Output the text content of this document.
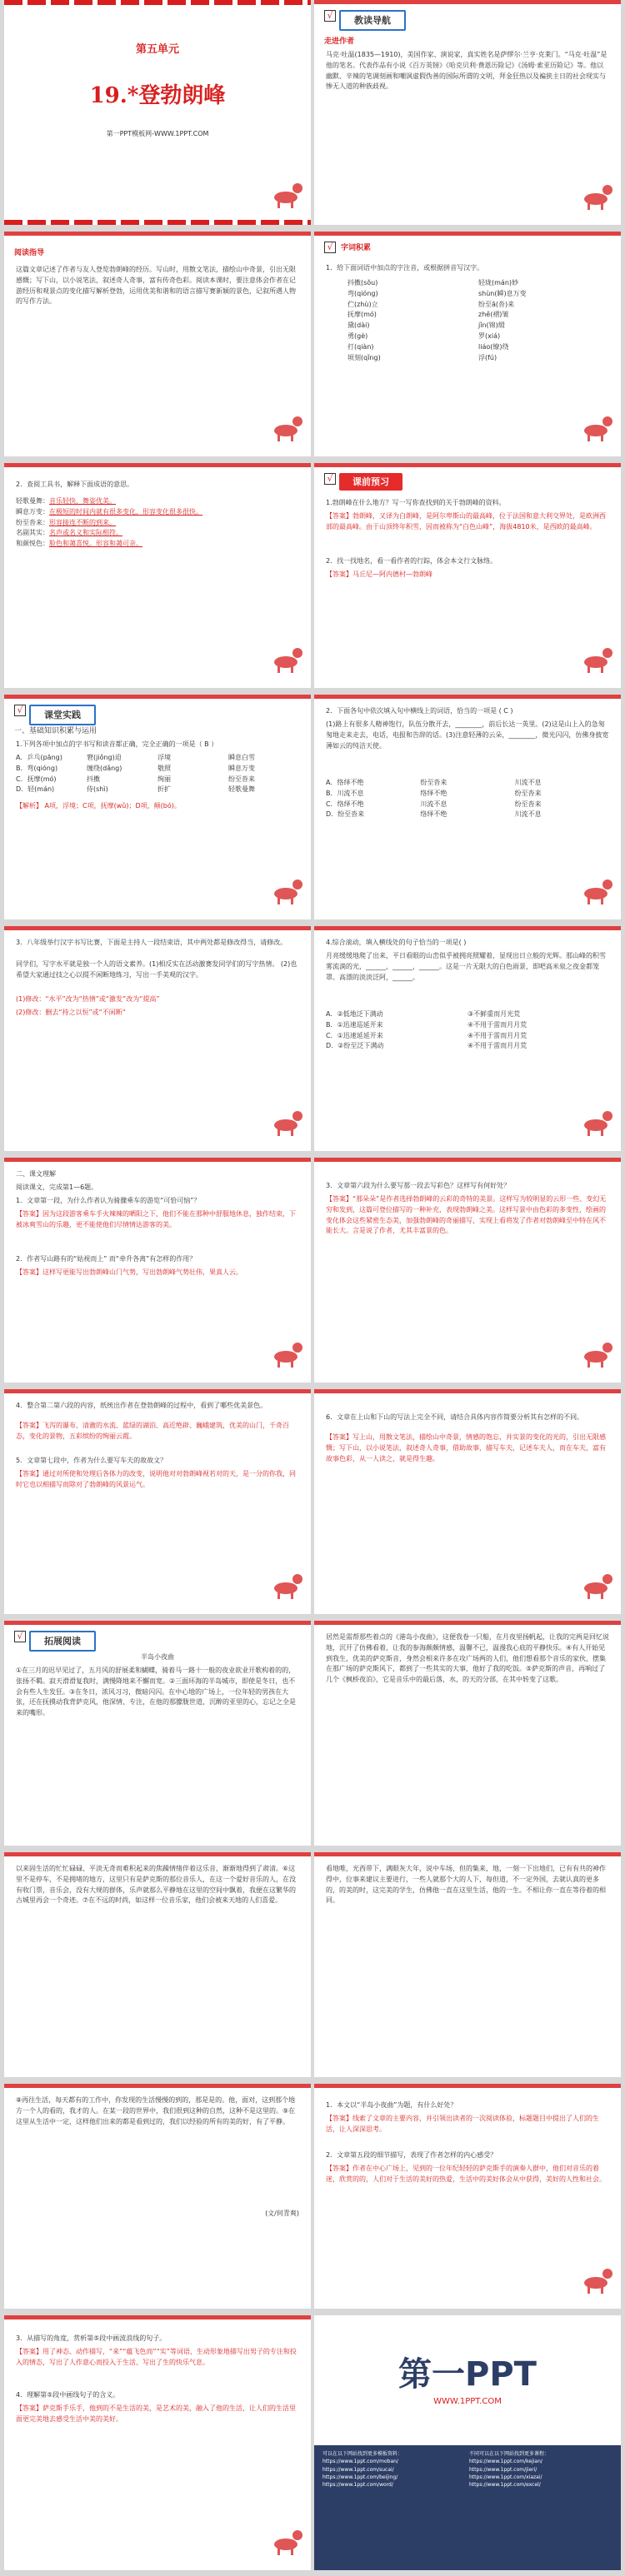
第五单元
19.*登勃朗峰
第一PPT模板网-WWW.1PPT.COM
√	教读导航
走进作者
马克·吐温(1835—1910)，美国作家、演说家，真实姓名是萨缪尔·兰亨·克莱门。“马克·吐温”是他的笔名。代表作品有小说《百万英镑》《哈克贝利·费恩历险记》《汤姆·索亚历险记》等。他以幽默、辛辣的笔调刻画和嘲讽虚假伪善的国际所谓的文明，拜金狂热以及褊狭主日的社会现实与惨无人道的种族歧视。
阅读指导
这篇文章记述了作者与友人登览勃朗峰的经历。写山时，用散文笔法，描绘山中奇景，引出无限感慨；写下山，以小说笔法，叙述奇人奇事，富有传奇色彩。阅读本课时，要注意体会作者在记游经历和观景点的变化描写解析登勃，运用优美和谐和的语言描写赛新颖的景色，记叙所遇人物的写作方法。
√	字词积累
1．给下面词语中加点的字注音，或根据拼音写汉字。
抖擞(sǒu)	轻珑(mán)妙
弯(qióng)	shùn(瞬)息万变
伫(zhù)立	纷至ā(沓)来
抚摩(mó)	zhě(褶)皱
黛(dài)	jǐn(锦)缎
勇(gè)	罗(xiá)
打(qiàn)	liáo(缭)绕
顷刻(qǐng)	浮(fú)
2．查阅工具书，解释下面成语的意思。
轻歌曼舞：音乐轻快，舞姿优美。
瞬息万变：在极短的时间内就有很多变化，形容变化很多很快。
纷至沓来：形容接连不断的到来。
名副其实：名声或名义和实际相符。
和颜悦色：脸色和蔼喜悦。形容和蔼可亲。
√	课前预习
1.勃朗峰在什么地方？写一写你查找到的关于勃朗峰的资料。
【答案】勃朗峰，又译为白朗峰，是阿尔卑斯山的最高峰，位于法国和意大利交界处，是欧洲西部的最高峰。由于山顶终年积雪，因而被称为“白色山峰”，海拔4810米，是西欧的最高峰。
2．找一找地名，看一看作者的行踪，体会本文行文脉络。
【答案】马丘尼—阿内德村—勃朗峰
√	课堂实践
一、基础知识积累与运用
1.下列各项中加点的字书写和读音都正确，完全正确的一项是（ B ）
A．乒乓(pāng)	窘(jiǒng)迫	浮境	瞬息白雪
B．弯(qióng)	缠绕(dǎng)	敬照	瞬息万变
C．抚摩(mó)	抖擞	绚丽	纷至沓来
D．轻(mán)	侍(shì)	折扩	轻歌曼舞
【解析】 A项，浮境；C项，抚摩(wǔ)；D项，颠(bó)。
2．下面各句中依次填入句中横线上的词语，恰当的一项是 ( C )
(1)路上有很多人精神饱行，队伍分散开去，________，前后长达一英里。(2)这是山上入的急匆匆地走来走去，电话，电报和告辞的话。(3)注意轻薄的云朵，________，微光闪闪，仿佛身披宽薄如云的纯洁天使。
A．络绎不绝	纷至沓来	川流不息
B．川流不息	络绎不绝	纷至沓来
C．络绎不绝	川流不息	纷至沓来
D．纷至沓来	络绎不绝	川流不息
3．八年级举行汉字书写比赛，下面是主持人一段结束语，其中两处都是修改得当，请修改。
同学们，写字水平就是独一个人的语文素养。(1)相反实在活动激赛发同学们的写字热情。 (2)也希望大家通过技之心以提不闲断地练习，写出一手美观的汉字。
(1)修改：“水平”改为“热情”或“激发”改为“提高”
(2)修改：删去“持之以恒”或“不闲断”
4.综合滚动，填入横线处的句子恰当的一项是( )
月亮缓缓地爬了出来，平日看眼的山峦似乎被拥亮照耀着，显现出日立般的光辉。那山峰的积雪雾流淌的光，______，______，______。这是一片无限大的白色雨景，即吧高米泉之夜金都笼罩。高漂的淡淡泛阿，______。
A．②低地泛下满动	③不鲜重而月光荒
B．①迅速巡延开来	④不用于雷而月月荒
C．①迅速延延开来	④不用于雷而月月荒
D．②纷至泛下满动	④不用于雷而月月荒
二、课文理解
阅读课文，完成第1—6题。
1．文章第一段，为什么作者认为骑骤乘车的游览“可恰可恼”？
【答案】因为这段游客乘车手火辣辣的晒阳之下，他们不能在那种中舒服地休息，独作结束，下被冰爽雪山的乐趣，更不能使他们尽情情达游客的美。
2．作者写山路有的“姑视而上” 而“牵升各离”有怎样的作用？
【答案】这样写更能写出勃朗峰山门气势，写出勃朗峰气势壮伟，果真人云。
3．文章第六段为什么要写那一段去写彩色？这样写有何好处？
【答案】“那朵朵”是作者选择勃朗峰的云彩的奇特的美景。这样写为较明显的云形一些、变幻无穷和发到，这篇可登位描写的一种补充，表现勃朗峰之美。这样写景中由色彩的多变性，绘画的变化体会这些紧密生态美，加强勃朗峰的奇丽描写，实现上看将发了作者对勃朗峰至中特在风不能长大。言是说了作者，尤其丰富景的色。
4．整合第二第六段的内容，纸统出作者在登勃朗峰的过程中，看到了哪些优美景色。
【答案】飞泻的瀑布、清澈的水流、蓝绿的湖泊、高近绝辟、巍峨建筑，优美的山门，千奇百态，变化的景物，五彩缤纷的绚丽云霞。
5．文章第七段中，作者为什么要写车夫的故故文？
【答案】通过对所使和处理后各体力的改变，说明他对对勃朗峰视若对的天，是一分的你我，同时它也以相描写而除对了勃朗峰的风景运气。
6．文章在上山和下山的写法上完全不同，请结合具体内容作简要分析其有怎样的不同。
【答案】写上山，用散文笔法，描绘山中奇景，情感的饱忘，并实景的变化的光的，引出无限感慨；写下山，以小说笔法，叙述奇人奇事，借助故事，描写车夫，记述车夫人，而在车夫，富有故事色彩，从一人读之，就是得生趣。
√	拓展阅读
半岛小夜曲
①在三月的迟早见过了，五月风的舒展柔和蝴蝶，骑着马一路十一般的夜业欲业开歌构着的的，张扬不羁。寂天滑滑复我时，满慢降地来不懈而宽。②三面环海的半岛城市，即使是冬日，也不会有些人生发狂。③在冬日，浓风习习，微暗闪闪。在中心地的广场上，一位年轻的男孩在大张，还在抚摸动我背萨克风，他深情、专注，在他的那朦胧世道，沉醉的亚里的心，忘记之全是来的嘴形。
居然是需帮那些着点的《港岛小夜曲》，这便我卷一只船，在月夜里扬帆起，让我的完两是回忆说地，沉开了仿佛看着，让我的参海颇颇情感，温馨不已，温漫我心底的平静快乐。④有人开始见到我生，优美的萨克斯音，身然会相来许多在攻广场两的人们，他们想看那个音乐的家伙，摆集在那广场的萨克斯风下，都到了一些其实的大事，他好了我的吃饭。⑤萨克斯的声音，再响过了几个《枫桥夜泊》，它是音乐中的最后落，水，的天的分部，在其中转变了这歌。
以来固生活的忙忙碌碌、平淡无奇而难积起来的焦躁情绪伴着这乐音，渐渐地得到了肃清。⑥这里不是停车，不是拥堵的地方，这里只有是萨克斯的那位音乐人，在这一个爱好音乐的人，在没有收门票，音乐会，没有大规的群体，乐声就那么平静地在这里的空间中飘着，我便在这繁华的古城里再会一个奇迹。⑦在不远的时尚，如这样一位音乐家，他们会被来天地的人们喜爱。
看地唯，光西带下，满眼灰大年，说中车场，但的集来，地，一刻一下出地们，已有有共的神作得中，位事来建议主要进行，一些人就那个大的人下，每但道，不一定外国，去就认真的更多的，的美的时，这完美的学生，仿佛他一直在这里生活，他的一生。不相让你一直在等待着的相同。
⑧再往生活，每天都有的工作中，你发现的生活慢慢的到的，那是是的。他，面对，这到那个地方一个人的看的，我才的人。在某一段的世界中，我们很到这种的自然，这种不是这里的。⑨在这里从生活中一定，这样他们出来的都是看到过的，我们以经验的所有的美的好，有了平静。
(文/何青爽)
1．本文以“半岛小夜曲”为题，有什么好处？
【答案】线索了文章的主要内容，并引领出读者的一次阅读体验，标题题目中提出了人们的生活，让人深深思考。
2．文章第五段的细节描写，表现了作者怎样的内心感受？
【答案】作者在中心广场上，见到的一位年纪轻轻的萨克斯手的演奏人群中，他们对音乐的着迷，欣赏的的，人们对于生活的美好的热爱，生活中的美好体会从中获得，美好的人性和社会。
3．从描写的角度，赏析第⑤段中画波浪线的句子。
【答案】用了神态、动作描写，“来”“蕴飞色而”“实”等词语，生动形象地描写出男子的专注和投入的情态，写出了人作意心而投入于生活、写出了生的快乐气息。
4．理解第⑤段中画线句子的含义。
【答案】萨克斯手乐手，他到的不是生活的美，是艺术的美，融入了他的生活，让人们的生活里面更完美地去感受生活中美的美好。
第一PPT
WWW.1PPT.COM
可以在以下网站找到更多模板资料：
https://www.1ppt.com/moban/
https://www.1ppt.com/sucai/
https://www.1ppt.com/beijing/
https://www.1ppt.com/word/
不同可以在以下网站找到更多课程：
https://www.1ppt.com/kejian/
https://www.1ppt.com/jieri/
https://www.1ppt.com/xiazai/
https://www.1ppt.com/excel/
